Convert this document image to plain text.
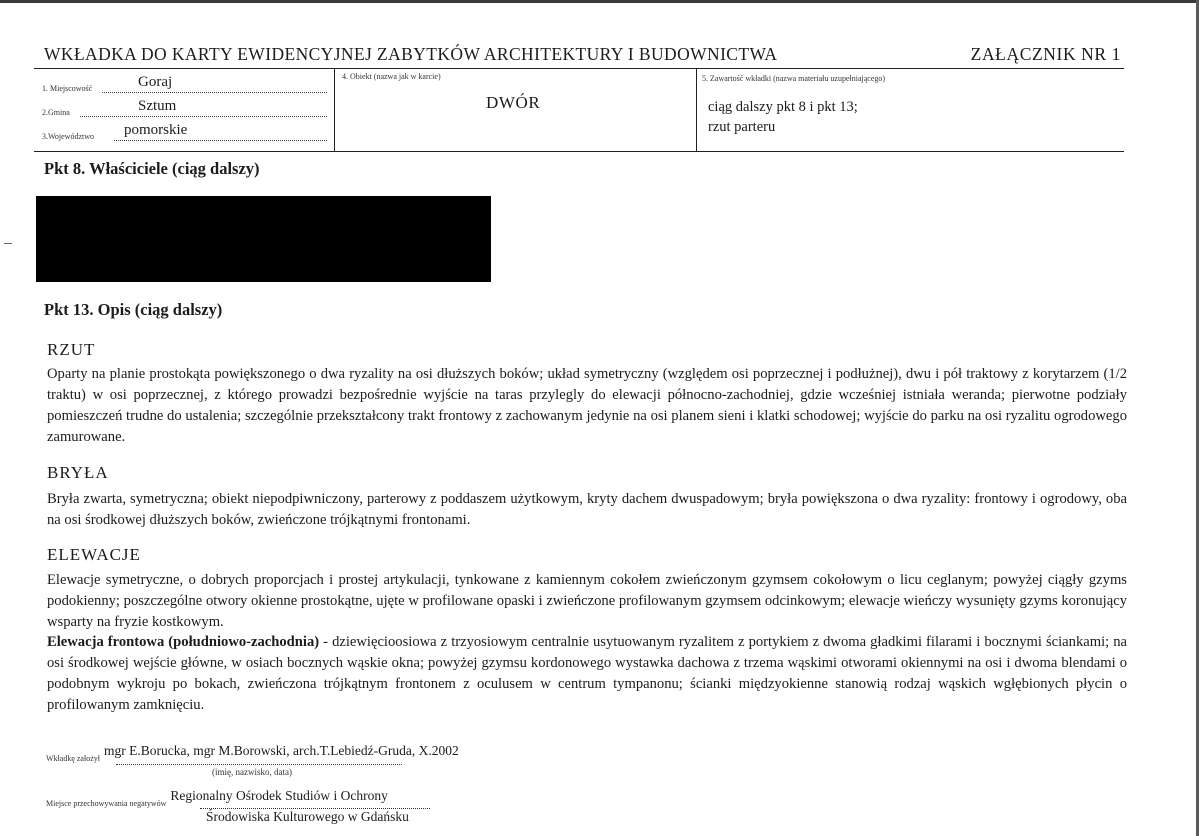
WKŁADKA DO KARTY EWIDENCYJNEJ ZABYTKÓW ARCHITEKTURY I BUDOWNICTWA	ZAŁĄCZNIK NR 1
1. Miejscowość	Goraj
2.Gmina	Sztum
3.Województwo pomorskie
4. Obiekt (nazwa jak w karcie)
DWÓR
5. Zawartość wkładki (nazwa materiału uzupełniającego)
ciąg dalszy pkt 8 i pkt 13;
rzut parteru
Pkt 8. Właściciele (ciąg dalszy)
Pkt 13. Opis (ciąg dalszy)
RZUT
Oparty na planie prostokąta powiększonego o dwa ryzality na osi dłuższych boków; układ symetryczny (względem osi poprzecznej i podłużnej), dwu i pół traktowy z korytarzem (1/2 traktu) w osi poprzecznej, z którego prowadzi bezpośrednie wyjście na taras przylegly do elewacji północno-zachodniej, gdzie wcześniej istniała weranda; pierwotne podziały pomieszczeń trudne do ustalenia; szczególnie przekształcony trakt frontowy z zachowanym jedynie na osi planem sieni i klatki schodowej; wyjście do parku na osi ryzalitu ogrodowego zamurowane.
BRYŁA
Bryła zwarta, symetryczna; obiekt niepodpiwniczony, parterowy z poddaszem użytkowym, kryty dachem dwuspadowym; bryła powiększona o dwa ryzality: frontowy i ogrodowy, oba na osi środkowej dłuższych boków, zwieńczone trójkątnymi frontonami.
ELEWACJE
Elewacje symetryczne, o dobrych proporcjach i prostej artykulacji, tynkowane z kamiennym cokołem zwieńczonym gzymsem cokołowym o licu ceglanym; powyżej ciągły gzyms podokienny; poszczególne otwory okienne prostokątne, ujęte w profilowane opaski i zwieńczone profilowanym gzymsem odcinkowym; elewacje wieńczy wysunięty gzyms koronujący wsparty na fryzie kostkowym.
Elewacja frontowa (południowo-zachodnia) - dziewięcioosiowa z trzyosiowym centralnie usytuowanym ryzalitem z portykiem z dwoma gładkimi filarami i bocznymi ściankami; na osi środkowej wejście główne, w osiach bocznych wąskie okna; powyżej gzymsu kordonowego wystawka dachowa z trzema wąskimi otworami okiennymi na osi i dwoma blendami o podobnym wykroju po bokach, zwieńczona trójkątnym frontonem z oculusem w centrum tympanonu; ścianki międzyokienne stanowią rodzaj wąskich wgłębionych płycin o profilowanym zamknięciu.
Wkładkę założył $^{mgr E.Borucka, mgr M.Borowski, arch.T.Lebiedź-Gruda, X.2002}$
(imię, nazwisko, data)
Miejsce przechowywania negatywów $^{Regionalny Ośrodek Studiów i Ochrony}$
Środowiska Kulturowego w Gdańsku
